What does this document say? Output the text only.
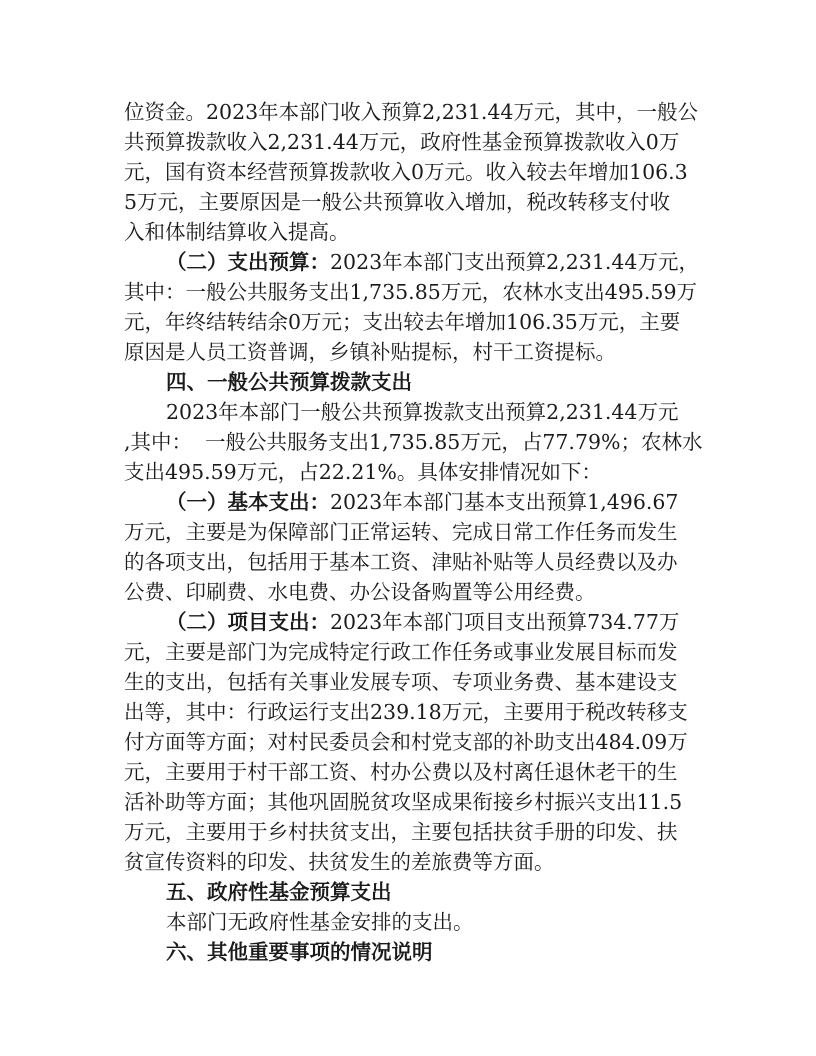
位资金。2023年本部门收入预算2,231.44万元，其中，一般公
共预算拨款收入2,231.44万元，政府性基金预算拨款收入0万
元，国有资本经营预算拨款收入0万元。收入较去年增加106.3
5万元，主要原因是一般公共预算收入增加，税改转移支付收
入和体制结算收入提高。
（二）支出预算：2023年本部门支出预算2,231.44万元，
其中：一般公共服务支出1,735.85万元，农林水支出495.59万
元，年终结转结余0万元；支出较去年增加106.35万元，主要
原因是人员工资普调，乡镇补贴提标，村干工资提标。
四、一般公共预算拨款支出
2023年本部门一般公共预算拨款支出预算2,231.44万元
,其中：  一般公共服务支出1,735.85万元，占77.79%；农林水
支出495.59万元，占22.21%。具体安排情况如下：
（一）基本支出：2023年本部门基本支出预算1,496.67
万元，主要是为保障部门正常运转、完成日常工作任务而发生
的各项支出，包括用于基本工资、津贴补贴等人员经费以及办
公费、印刷费、水电费、办公设备购置等公用经费。
（二）项目支出：2023年本部门项目支出预算734.77万
元，主要是部门为完成特定行政工作任务或事业发展目标而发
生的支出，包括有关事业发展专项、专项业务费、基本建设支
出等，其中：行政运行支出239.18万元，主要用于税改转移支
付方面等方面；对村民委员会和村党支部的补助支出484.09万
元，主要用于村干部工资、村办公费以及村离任退休老干的生
活补助等方面；其他巩固脱贫攻坚成果衔接乡村振兴支出11.5
万元，主要用于乡村扶贫支出，主要包括扶贫手册的印发、扶
贫宣传资料的印发、扶贫发生的差旅费等方面。
五、政府性基金预算支出
本部门无政府性基金安排的支出。
六、其他重要事项的情况说明
